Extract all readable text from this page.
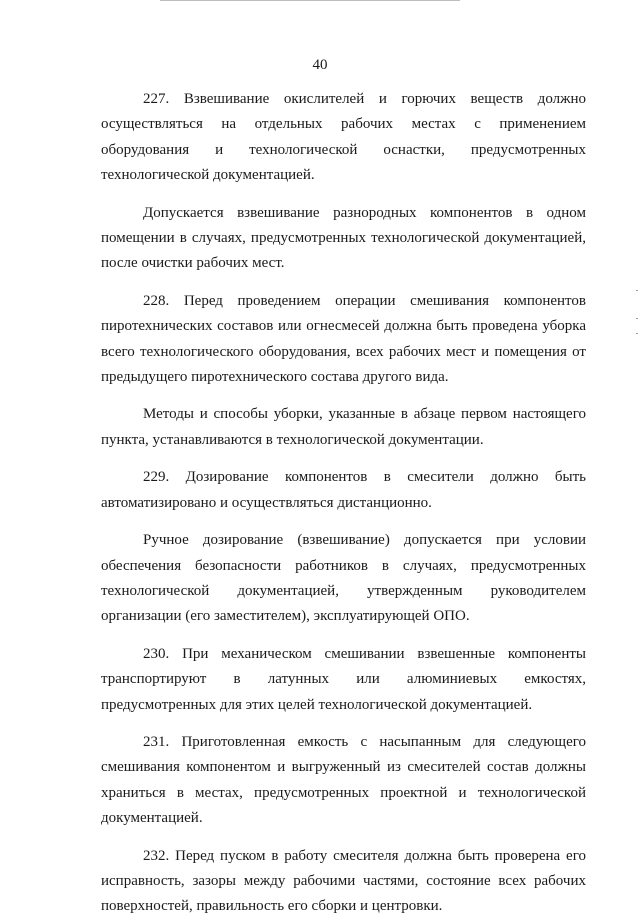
40

227. Взвешивание окислителей и горючих веществ должно осуществляться на отдельных рабочих местах с применением оборудования и технологической оснастки, предусмотренных технологической документацией.

Допускается взвешивание разнородных компонентов в одном помещении в случаях, предусмотренных технологической документацией, после очистки рабочих мест.

228. Перед проведением операции смешивания компонентов пиротехнических составов или огнесмесей должна быть проведена уборка всего технологического оборудования, всех рабочих мест и помещения от предыдущего пиротехнического состава другого вида.

Методы и способы уборки, указанные в абзаце первом настоящего пункта, устанавливаются в технологической документации.

229. Дозирование компонентов в смесители должно быть автоматизировано и осуществляться дистанционно.

Ручное дозирование (взвешивание) допускается при условии обеспечения безопасности работников в случаях, предусмотренных технологической документацией, утвержденным руководителем организации (его заместителем), эксплуатирующей ОПО.

230. При механическом смешивании взвешенные компоненты транспортируют в латунных или алюминиевых емкостях, предусмотренных для этих целей технологической документацией.

231. Приготовленная емкость с насыпанным для следующего смешивания компонентом и выгруженный из смесителей состав должны храниться в местах, предусмотренных проектной и технологической документацией.

232. Перед пуском в работу смесителя должна быть проверена его исправность, зазоры между рабочими частями, состояние всех рабочих поверхностей, правильность его сборки и центровки.
